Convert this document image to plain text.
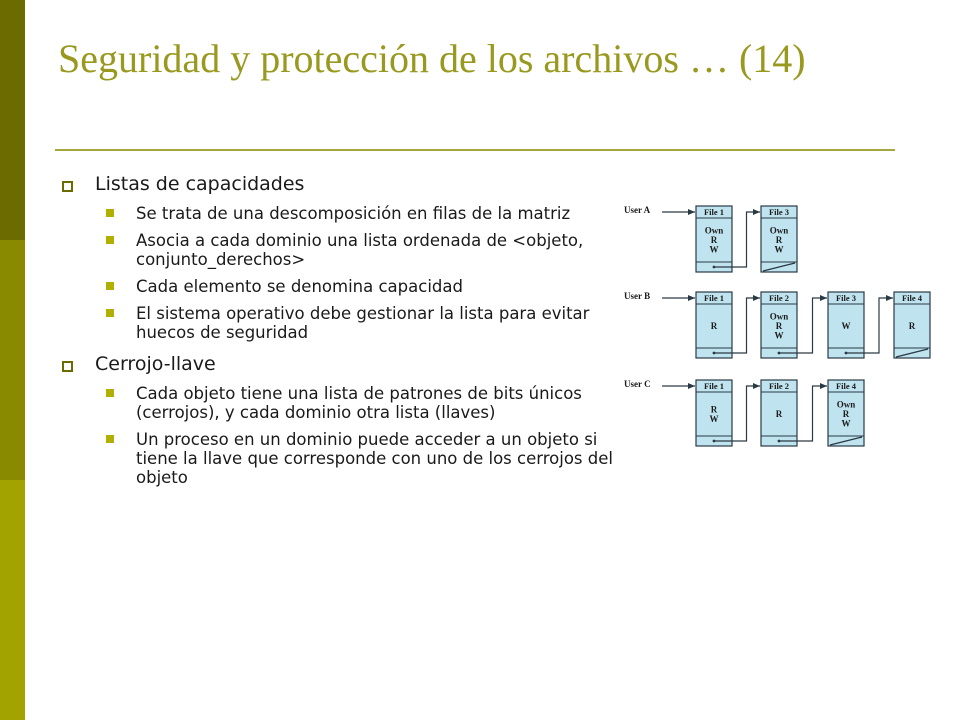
Seguridad y protección de los archivos … (14)
Listas de capacidades
Se trata de una descomposición en filas de la matriz
Asocia a cada dominio una lista ordenada de <objeto, conjunto_derechos>
Cada elemento se denomina capacidad
El sistema operativo debe gestionar la lista para evitar huecos de seguridad
Cerrojo-llave
Cada objeto tiene una lista de patrones de bits únicos (cerrojos), y cada dominio otra lista (llaves)
Un proceso en un dominio puede acceder a un objeto si tiene la llave que corresponde con uno de los cerrojos del objeto
User A	File 1
Own
R
W
File 3
Own
R
W
User B	File 1
R
File 2
Own
R
W
File 3
W
File 4
R
User C	File 1
R
W
File 2
R
File 4
Own
R
W
